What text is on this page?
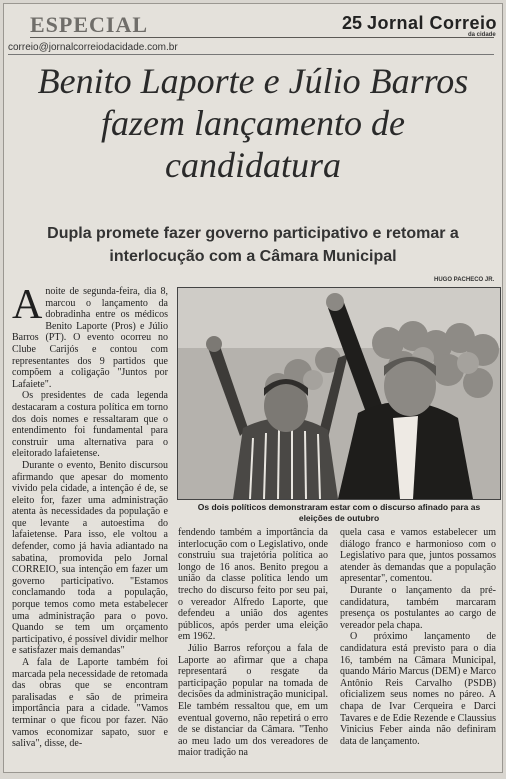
ESPECIAL	25 Jornal Correio
da cidade
correio@jornalcorreiodacidade.com.br
Benito Laporte e Júlio Barros fazem lançamento de candidatura
Dupla promete fazer governo participativo e retomar a interlocução com a Câmara Municipal
HUGO PACHECO JR.
Os dois políticos demonstraram estar com o discurso afinado para as eleições de outubro

A noite de segunda-feira, dia 8, marcou o lançamento da dobradinha entre os médicos Benito Laporte (Pros) e Júlio Barros (PT). O evento ocorreu no Clube Carijós e contou com representantes dos 9 partidos que compõem a coligação "Juntos por Lafaiete".

Os presidentes de cada legenda destacaram a costura política em torno dos dois nomes e ressaltaram que o entendimento foi fundamental para construir uma alternativa para o eleitorado lafaietense.

Durante o evento, Benito discursou afirmando que apesar do momento vivido pela cidade, a intenção é de, se eleito for, fazer uma administração atenta às necessidades da população e que levante a autoestima do lafaietense. Para isso, ele voltou a defender, como já havia adiantado na sabatina, promovida pelo Jornal CORREIO, sua intenção em fazer um governo participativo. "Estamos conclamando toda a população, porque temos como meta estabelecer uma administração para o povo. Quando se tem um orçamento participativo, é possível dividir melhor e satisfazer mais demandas"

A fala de Laporte também foi marcada pela necessidade de retomada das obras que se encontram paralisadas e são de primeira importância para a cidade. "Vamos terminar o que ficou por fazer. Não vamos economizar sapato, suor e saliva", disse, de-

fendendo também a importância da interlocução com o Legislativo, onde construiu sua trajetória política ao longo de 16 anos. Benito pregou a união da classe política lendo um trecho do discurso feito por seu pai, o vereador Alfredo Laporte, que defendeu a união dos agentes públicos, após perder uma eleição em 1962.

Júlio Barros reforçou a fala de Laporte ao afirmar que a chapa representará o resgate da participação popular na tomada de decisões da administração municipal. Ele também ressaltou que, em um eventual governo, não repetirá o erro de se distanciar da Câmara. "Tenho ao meu lado um dos vereadores de maior tradição na

quela casa e vamos estabelecer um diálogo franco e harmonioso com o Legislativo para que, juntos possamos atender às demandas que a população apresentar", comentou.

Durante o lançamento da pré-candidatura, também marcaram presença os postulantes ao cargo de vereador pela chapa.

O próximo lançamento de candidatura está previsto para o dia 16, também na Câmara Municipal, quando Mário Marcus (DEM) e Marco Antônio Reis Carvalho (PSDB) oficializem seus nomes no páreo. A chapa de Ivar Cerqueira e Darci Tavares e de Edie Rezende e Claussius Vinicius Feber ainda não definiram data de lançamento.
